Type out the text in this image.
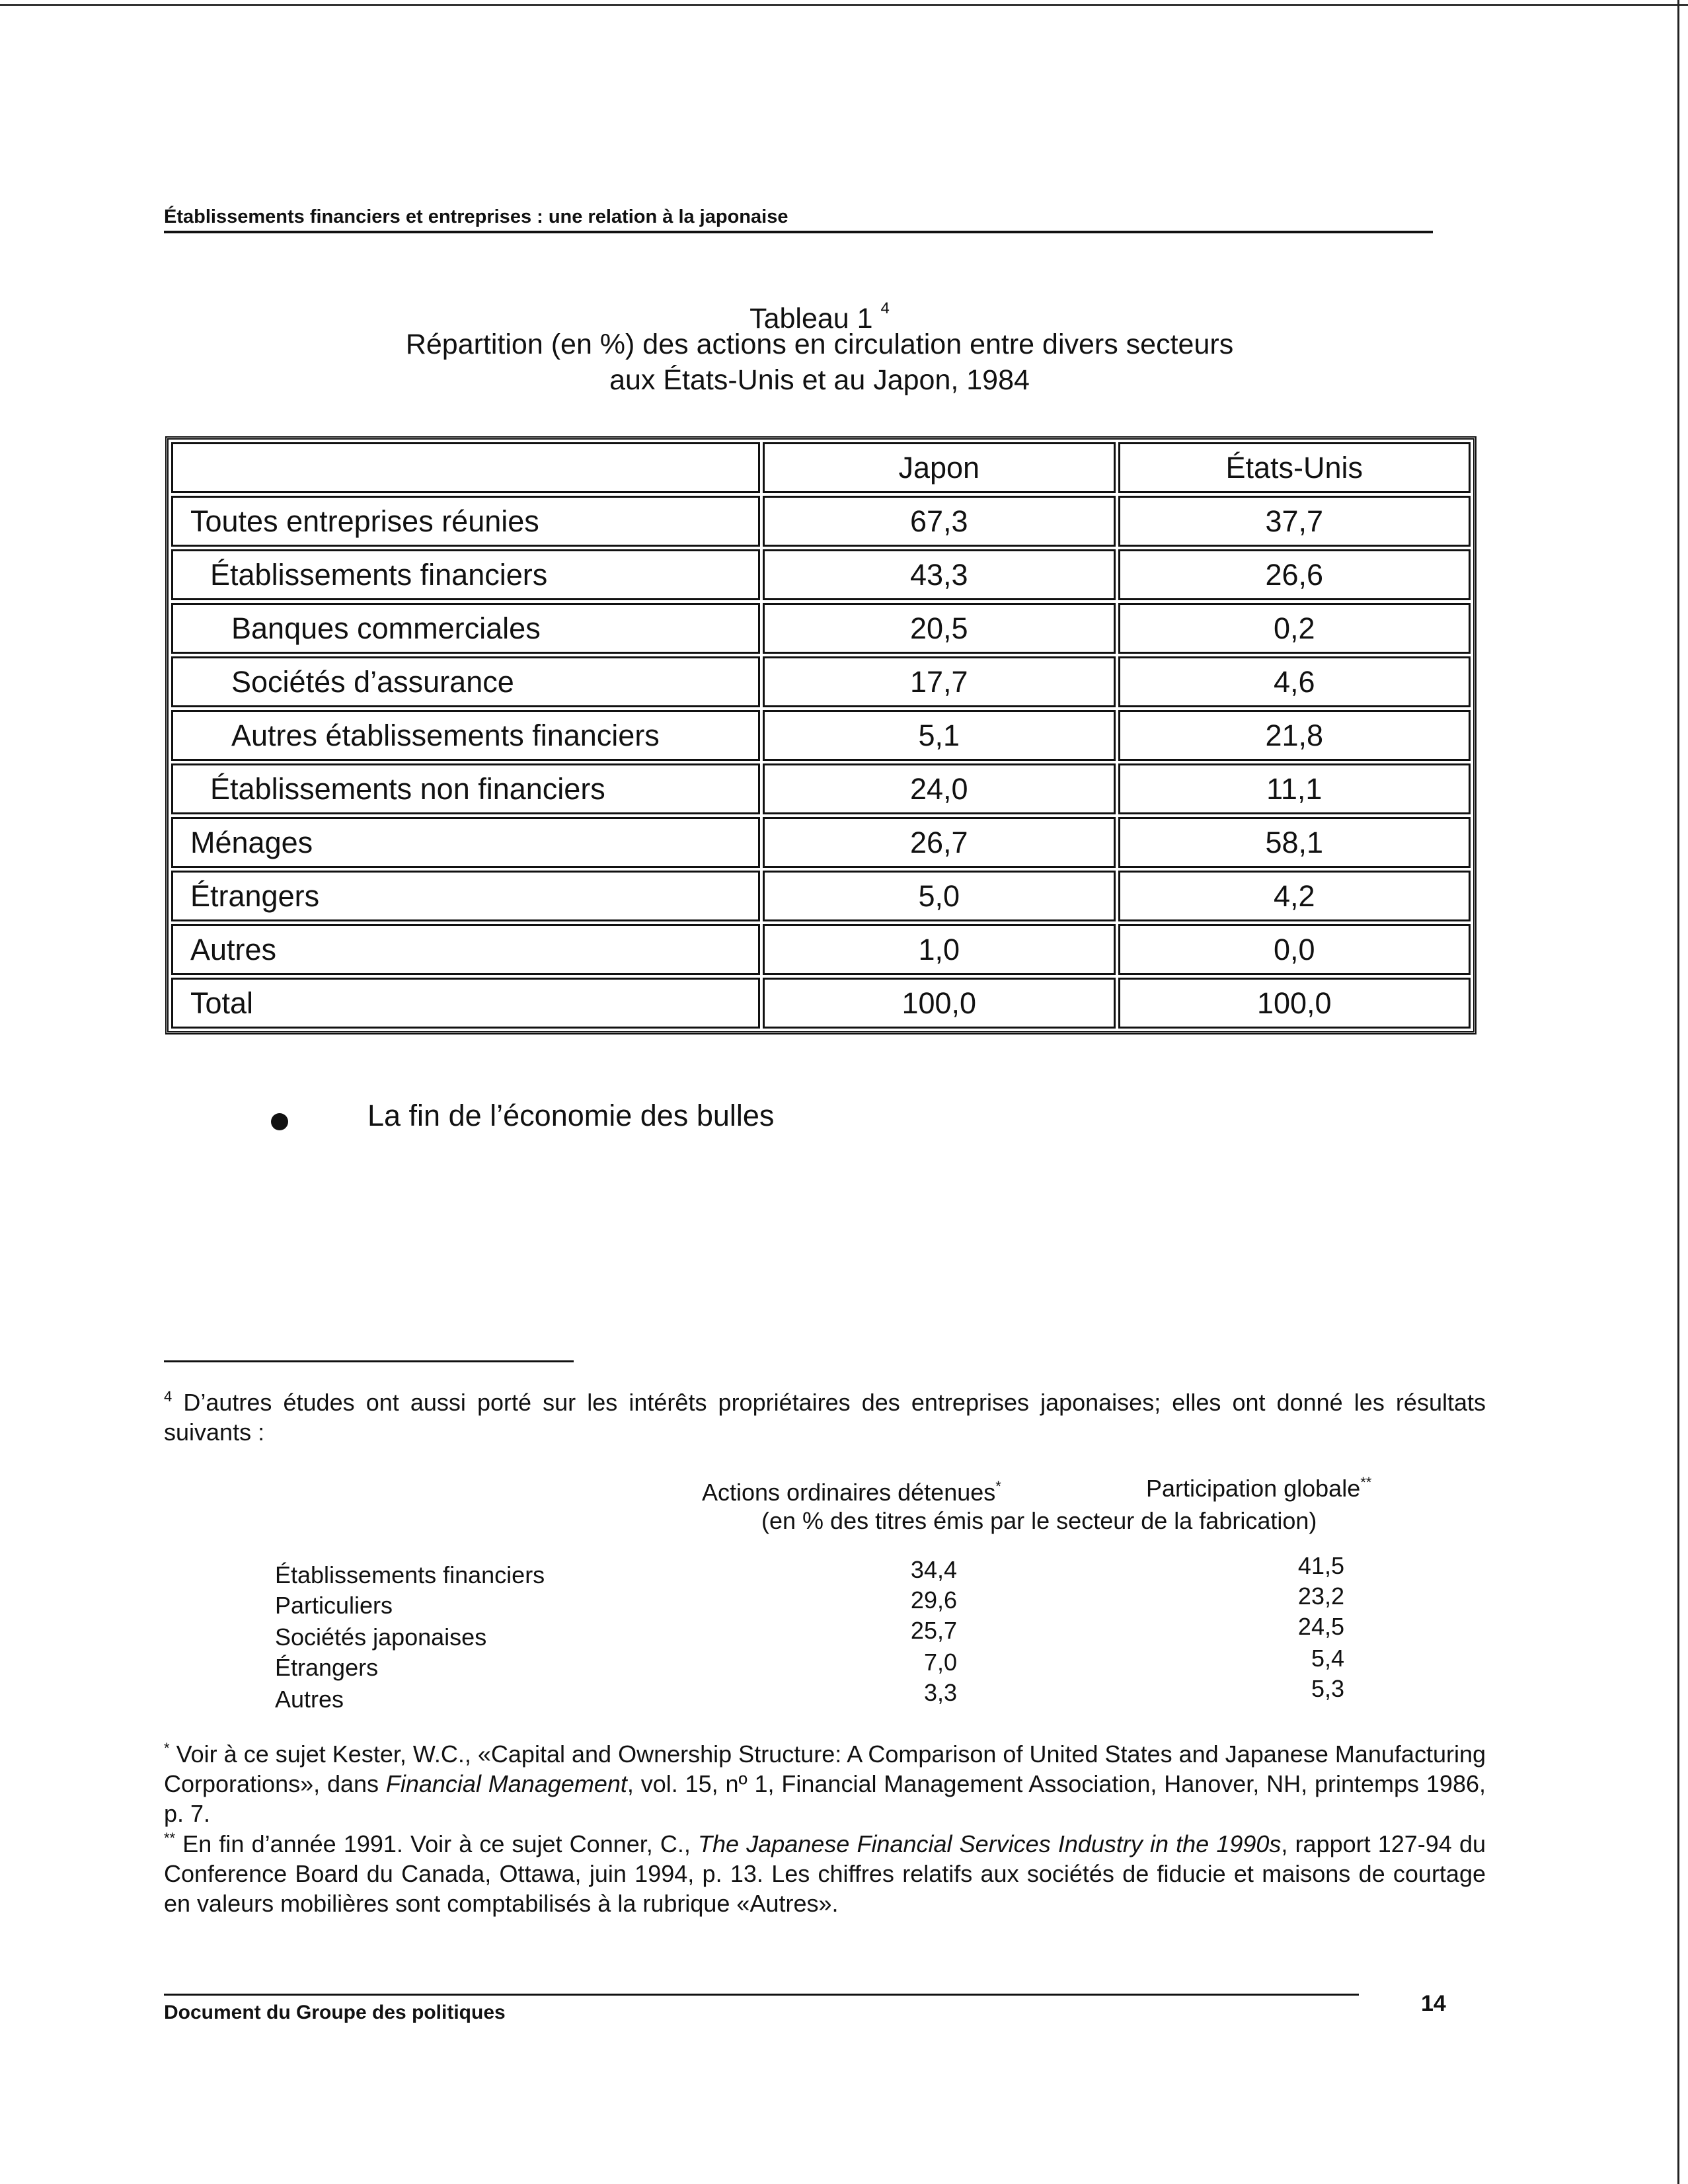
Établissements financiers et entreprises : une relation à la japonaise
Tableau 1 $^4$
Répartition (en %) des actions en circulation entre divers secteurs
aux États-Unis et au Japon, 1984
	Japon	États-Unis
Toutes entreprises réunies	67,3	37,7
Établissements financiers	43,3	26,6
Banques commerciales	20,5	0,2
Sociétés d’assurance	17,7	4,6
Autres établissements financiers	5,1	21,8
Établissements non financiers	24,0	11,1
Ménages	26,7	58,1
Étrangers	5,0	4,2
Autres	1,0	0,0
Total	100,0	100,0
La fin de l’économie des bulles
$^4$ D’autres études ont aussi porté sur les intérêts propriétaires des entreprises japonaises; elles ont donné les résultats suivants :
Actions ordinaires détenues*	Participation globale**
(en % des titres émis par le secteur de la fabrication)
Établissements financiers	34,4	41,5
Particuliers	29,6	23,2
Sociétés japonaises	25,7	24,5
Étrangers	7,0	5,4
Autres	3,3	5,3
* Voir à ce sujet Kester, W.C., «Capital and Ownership Structure: A Comparison of United States and Japanese Manufacturing Corporations», dans Financial Management, vol. 15, nº 1, Financial Management Association, Hanover, NH, printemps 1986, p. 7.
** En fin d’année 1991. Voir à ce sujet Conner, C., The Japanese Financial Services Industry in the 1990s, rapport 127-94 du Conference Board du Canada, Ottawa, juin 1994, p. 13. Les chiffres relatifs aux sociétés de fiducie et maisons de courtage en valeurs mobilières sont comptabilisés à la rubrique «Autres».
Document du Groupe des politiques	14
